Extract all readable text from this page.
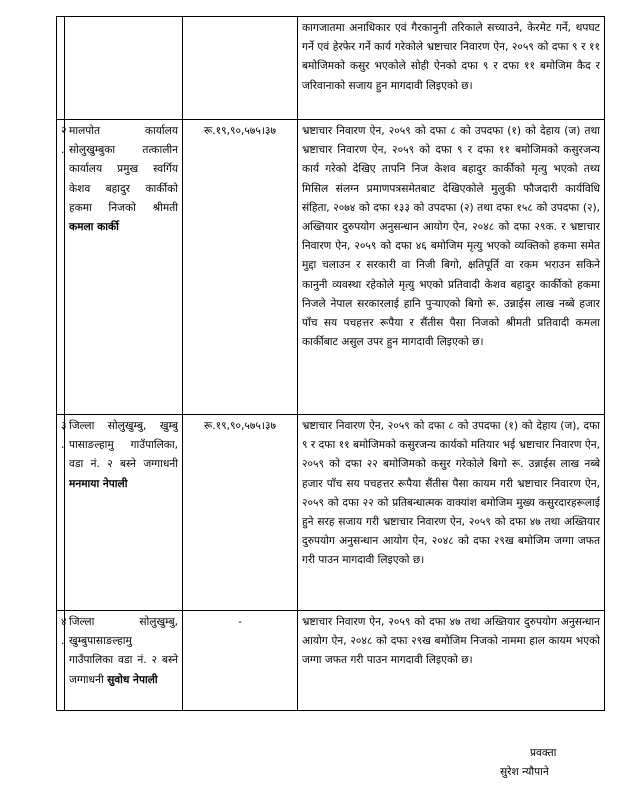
			कागजातमा अनाधिकार एवं गैरकानुनी तरिकाले सच्याउने, केरमेट गर्ने, थपघट गर्ने एवं हेरफेर गर्ने कार्य गरेकोले भ्रष्टाचार निवारण ऐन, २०५९ को दफा ९ र ११ बमोजिमको कसुर भएकोले सोही ऐनको दफा ९ र दफा ११ बमोजिम कैद र जरिवानाको सजाय हुन मागदावी लिइएको छ।
२.	मालपोत कार्यालय सोलुखुम्बुका तत्कालीन कार्यालय प्रमुख स्वर्गिय केशव बहादुर कार्कीको हकमा निजको श्रीमती कमला कार्की	रू.१९,९०,५७५।३७	भ्रष्टाचार निवारण ऐन, २०५९ को दफा ८ को उपदफा (१) को देहाय (ज) तथा भ्रष्टाचार निवारण ऐन, २०५९ को दफा ९ र दफा ११ बमोजिमको कसुरजन्य कार्य गरेको देखिए तापनि निज केशव बहादुर कार्कीको मृत्यु भएको तथ्य मिसिल संलग्न प्रमाणपत्रसमेतबाट देखिएकोले मुलुकी फौजदारी कार्यविधि संहिता, २०७४ को दफा १३३ को उपदफा (२) तथा दफा १५८ को उपदफा (२), अख्तियार दुरुपयोग अनुसन्धान आयोग ऐन, २०४८ को दफा २९क. र भ्रष्टाचार निवारण ऐन, २०५९ को दफा ४६ बमोजिम मृत्यु भएको व्यक्तिको हकमा समेत मुद्दा चलाउन र सरकारी वा निजी बिगो, क्षतिपूर्ति वा रकम भराउन सकिने कानुनी व्यवस्था रहेकोले मृत्यु भएको प्रतिवादी केशव बहादुर कार्कीको हकमा निजले नेपाल सरकारलाई हानि पुऱ्याएको बिगो रू. उन्नाईस लाख नब्बे हजार पाँच सय पचहत्तर रूपैया र सैंतीस पैसा निजको श्रीमती प्रतिवादी कमला कार्कीबाट असुल उपर हुन मागदावी लिइएको छ।
३.	जिल्ला सोलुखुम्बु, खुम्बु पासाङल्हामु गाउँपालिका, वडा नं. २ बस्ने जग्गाधनी मनमाया नेपाली	रू.१९,९०,५७५।३७	भ्रष्टाचार निवारण ऐन, २०५९ को दफा ८ को उपदफा (१) को देहाय (ज), दफा ९ र दफा ११ बमोजिमको कसुरजन्य कार्यको मतियार भई भ्रष्टाचार निवारण ऐन, २०५९ को दफा २२ बमोजिमको कसुर गरेकोले बिगो रू. उन्नाईस लाख नब्बे हजार पाँच सय पचहत्तर रूपैया सैंतीस पैसा कायम गरी भ्रष्टाचार निवारण ऐन, २०५९ को दफा २२ को प्रतिबन्धात्मक वाक्यांश बमोजिम मुख्य कसुरदारहरूलाई हुने सरह सजाय गरी भ्रष्टाचार निवारण ऐन, २०५९ को दफा ४७ तथा अख्तियार दुरुपयोग अनुसन्धान आयोग ऐन, २०४८ को दफा २९ख बमोजिम जग्गा जफत गरी पाउन मागदावी लिइएको छ।
४.	जिल्ला सोलुखुम्बु, खुम्बुपासाङल्हामु गाउँपालिका वडा नं. २ बस्ने जग्गाधनी सुवोध नेपाली	-	भ्रष्टाचार निवारण ऐन, २०५९ को दफा ४७ तथा अख्तियार दुरुपयोग अनुसन्धान आयोग ऐन, २०४८ को दफा २९ख बमोजिम निजको नाममा हाल कायम भएको जग्गा जफत गरी पाउन मागदावी लिइएको छ।
प्रवक्ता
सुरेश न्यौपाने
